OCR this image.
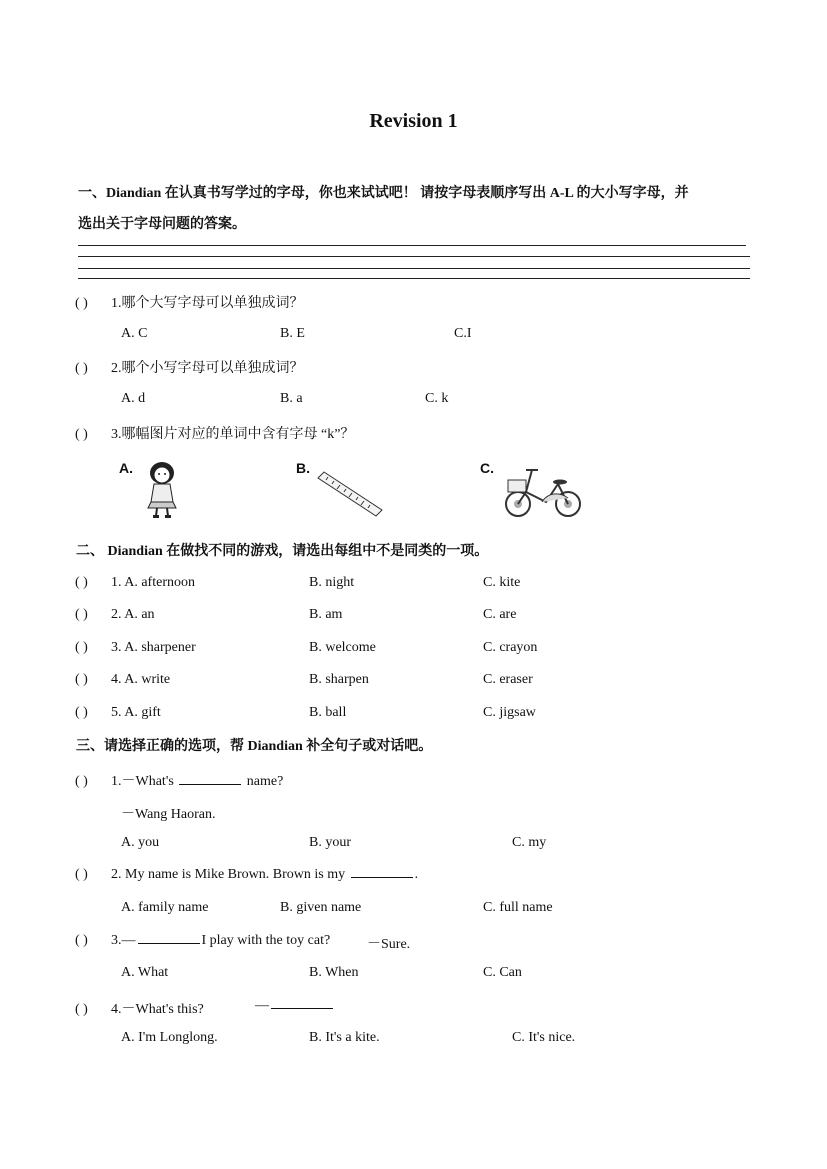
Revision 1
一、Diandian 在认真书写学过的字母，你也来试试吧！ 请按字母表顺序写出 A-L 的大小写字母，并
选出关于字母问题的答案。
( ) 1.哪个大写字母可以单独成词？
A. C	B. E	C.I
( ) 2.哪个小写字母可以单独成词？
A. d	B. a	C. k
( ) 3.哪幅图片对应的单词中含有字母 “k”？
A.	B.	C.
二、 Diandian 在做找不同的游戏，请选出每组中不是同类的一项。
( ) 1. A. afternoon	B. night	C. kite
( ) 2. A. an	B. am	C. are
( ) 3. A. sharpener	B. welcome	C. crayon
( ) 4. A. write	B. sharpen	C. eraser
( ) 5. A. gift	B. ball	C. jigsaw
三、请选择正确的选项，帮 Diandian 补全句子或对话吧。
( ) 1.－What's	name?
－Wang Haoran.
A. you	B. your	C. my
( ) 2. My name is Mike Brown. Brown is my	.
A. family name	B. given name	C. full name
( ) 3.—	I play with the toy cat?	－Sure.
A. What	B. When	C. Can
( ) 4.－What's this?	—
A. I'm Longlong.	B. It's a kite.	C. It's nice.
